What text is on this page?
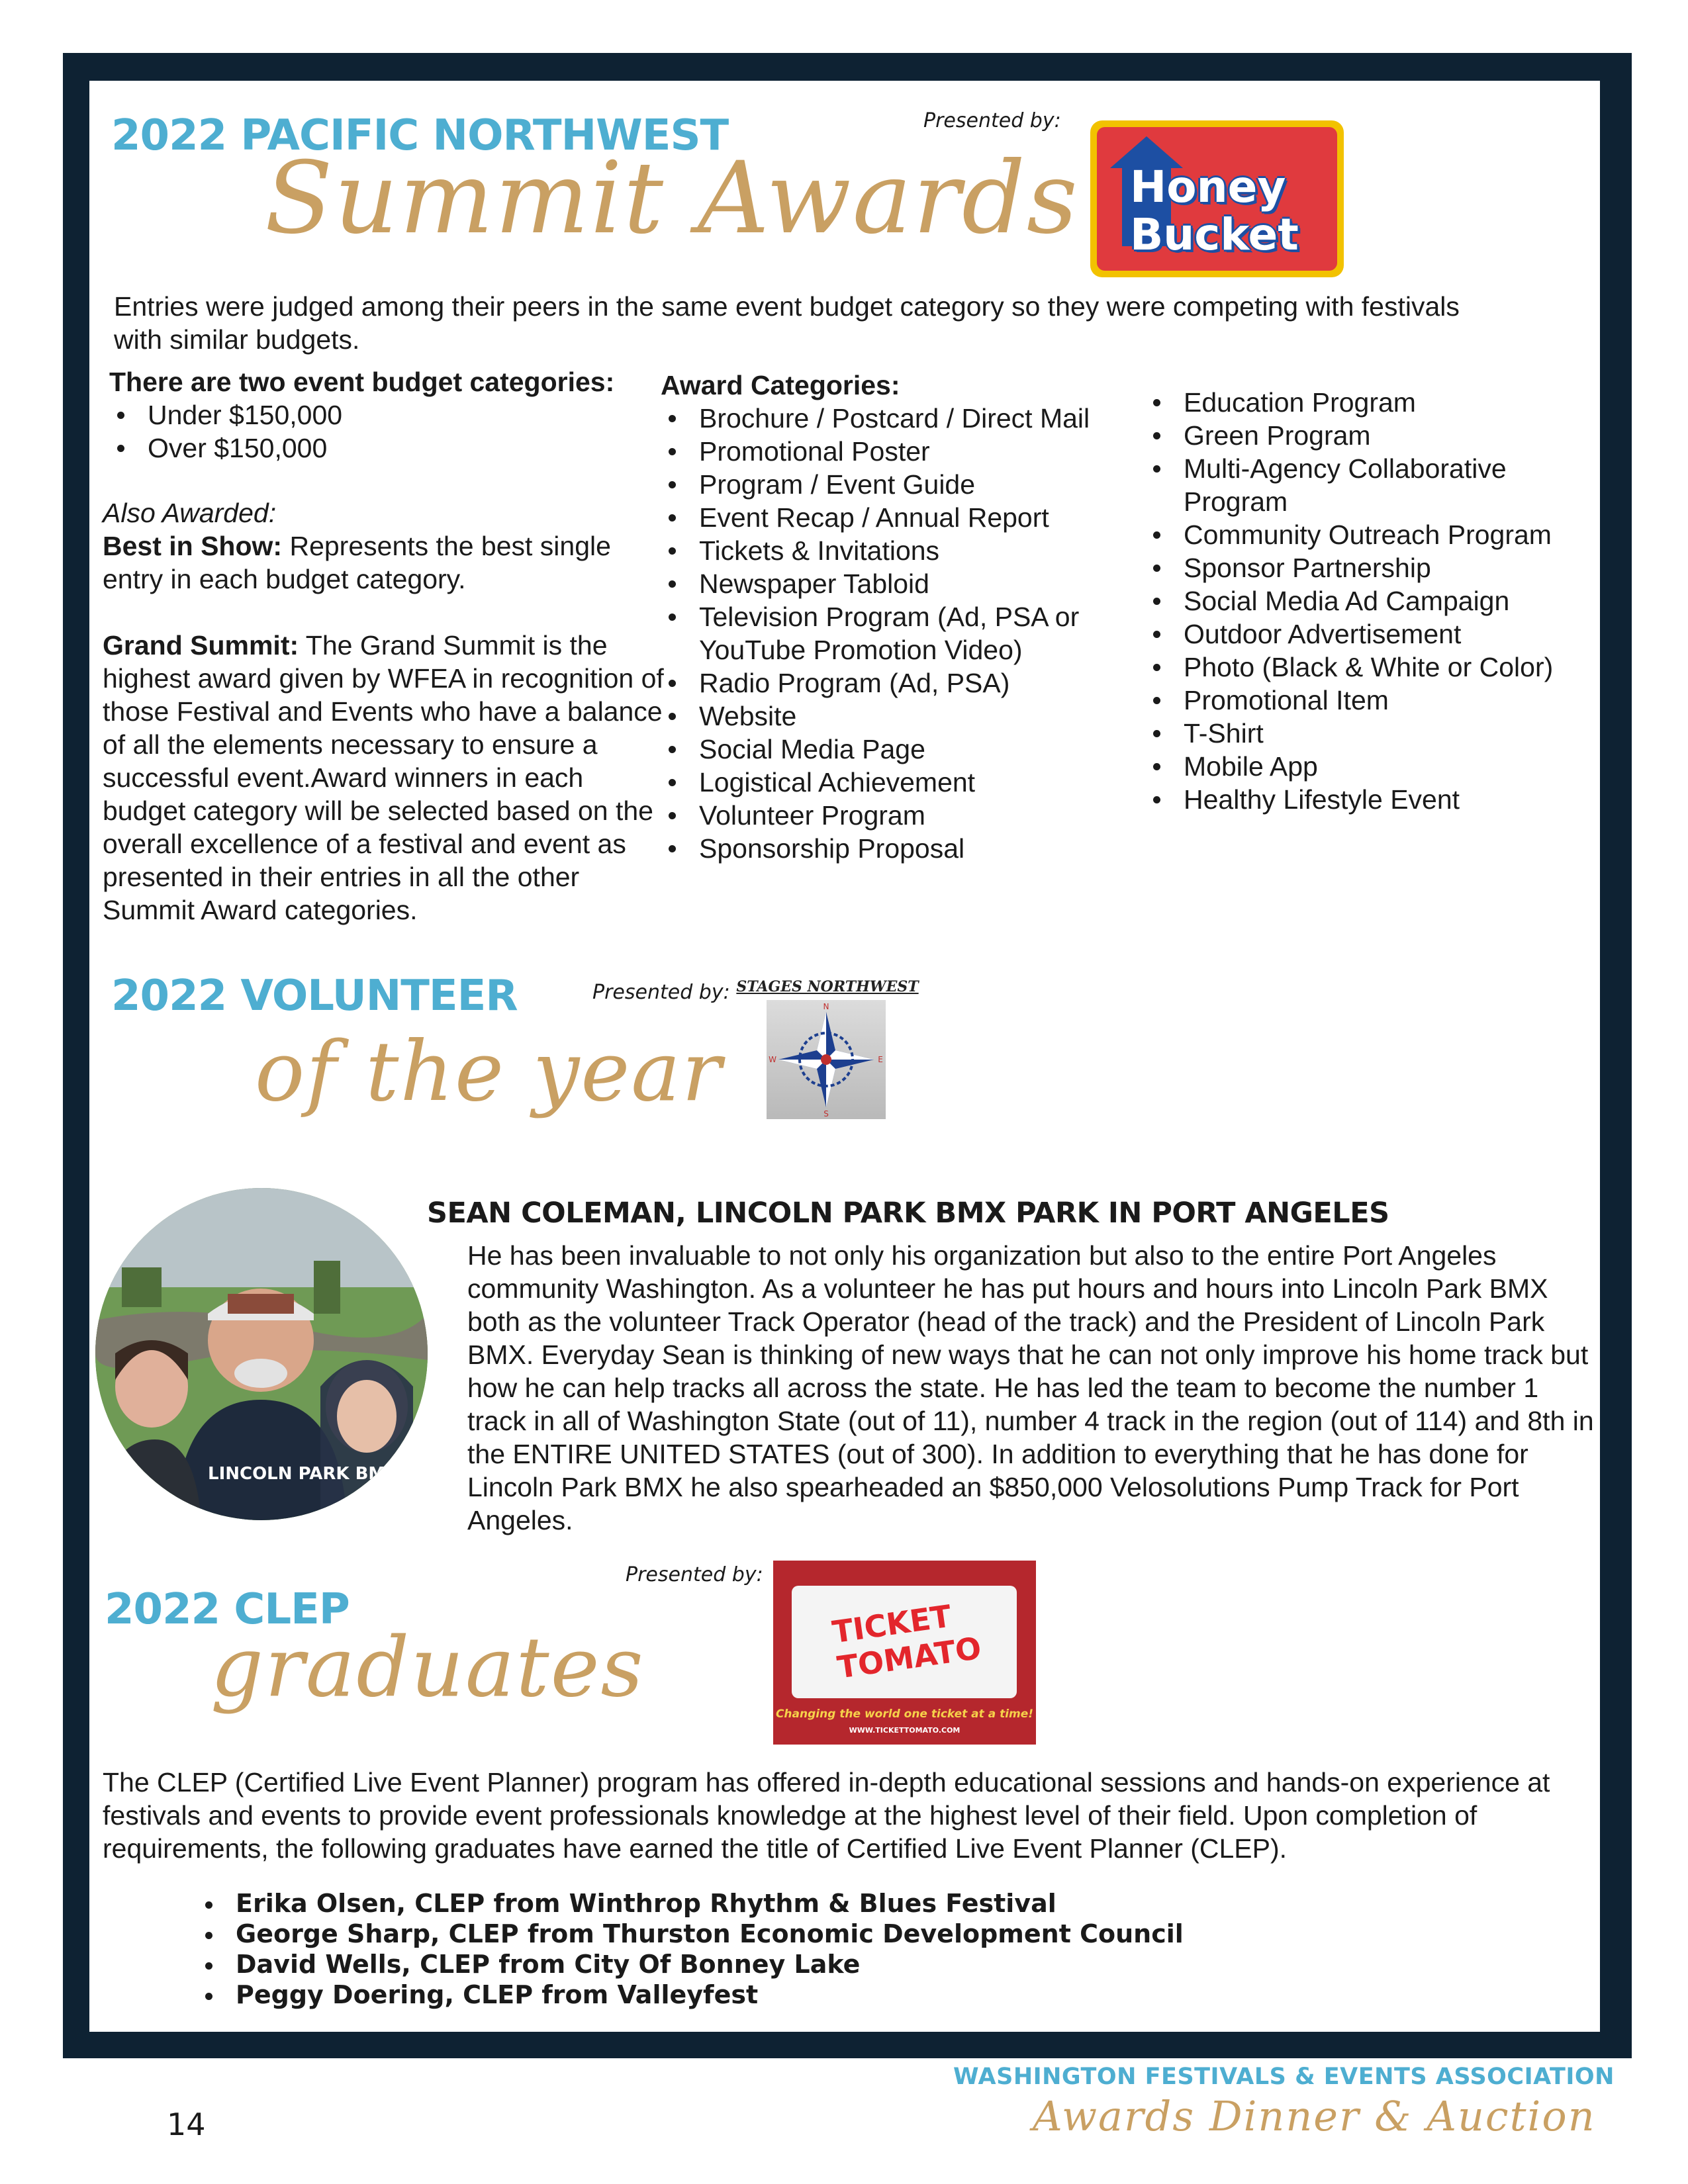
2022 PACIFIC NORTHWEST
Summit Awards
Presented by:
Honey
Bucket
Entries were judged among their peers in the same event budget category so they were competing with festivals with similar budgets.
There are two event budget categories:
Under $150,000
Over $150,000
Also Awarded:
Best in Show: Represents the best single entry in each budget category.
Grand Summit: The Grand Summit is the highest award given by WFEA in recognition of those Festival and Events who have a balance of all the elements necessary to ensure a successful event.Award winners in each budget category will be selected based on the overall excellence of a festival and event as presented in their entries in all the other Summit Award categories.
Award Categories:
Brochure / Postcard / Direct Mail
Promotional Poster
Program / Event Guide
Event Recap / Annual Report
Tickets & Invitations
Newspaper Tabloid
Television Program (Ad, PSA or YouTube Promotion Video)
Radio Program (Ad, PSA)
Website
Social Media Page
Logistical Achievement
Volunteer Program
Sponsorship Proposal
Education Program
Green Program
Multi-Agency Collaborative Program
Community Outreach Program
Sponsor Partnership
Social Media Ad Campaign
Outdoor Advertisement
Photo (Black & White or Color)
Promotional Item
T-Shirt
Mobile App
Healthy Lifestyle Event
2022 VOLUNTEER
of the year
Presented by: STAGES NORTHWEST
N
E
S
W
LINCOLN PARK BMX
SEAN COLEMAN, LINCOLN PARK BMX PARK IN PORT ANGELES
He has been invaluable to not only his organization but also to the entire Port Angeles community Washington. As a volunteer he has put hours and hours into Lincoln Park BMX both as the volunteer Track Operator (head of the track) and the President of Lincoln Park BMX. Everyday Sean is thinking of new ways that he can not only improve his home track but how he can help tracks all across the state. He has led the team to become the number 1 track in all of Washington State (out of 11), number 4 track in the region (out of 114) and 8th in the ENTIRE UNITED STATES (out of 300). In addition to everything that he has done for Lincoln Park BMX he also spearheaded an $850,000 Velosolutions Pump Track for Port Angeles.
2022 CLEP
graduates
Presented by:
TICKET TOMATO
Changing the world one ticket at a time!
WWW.TICKETTOMATO.COM
The CLEP (Certified Live Event Planner) program has offered in-depth educational sessions and hands-on experience at festivals and events to provide event professionals knowledge at the highest level of their field. Upon completion of requirements, the following graduates have earned the title of Certified Live Event Planner (CLEP).
Erika Olsen, CLEP from Winthrop Rhythm & Blues Festival
George Sharp, CLEP from Thurston Economic Development Council
David Wells, CLEP from City Of Bonney Lake
Peggy Doering, CLEP from Valleyfest
14
WASHINGTON FESTIVALS & EVENTS ASSOCIATION
Awards Dinner & Auction
